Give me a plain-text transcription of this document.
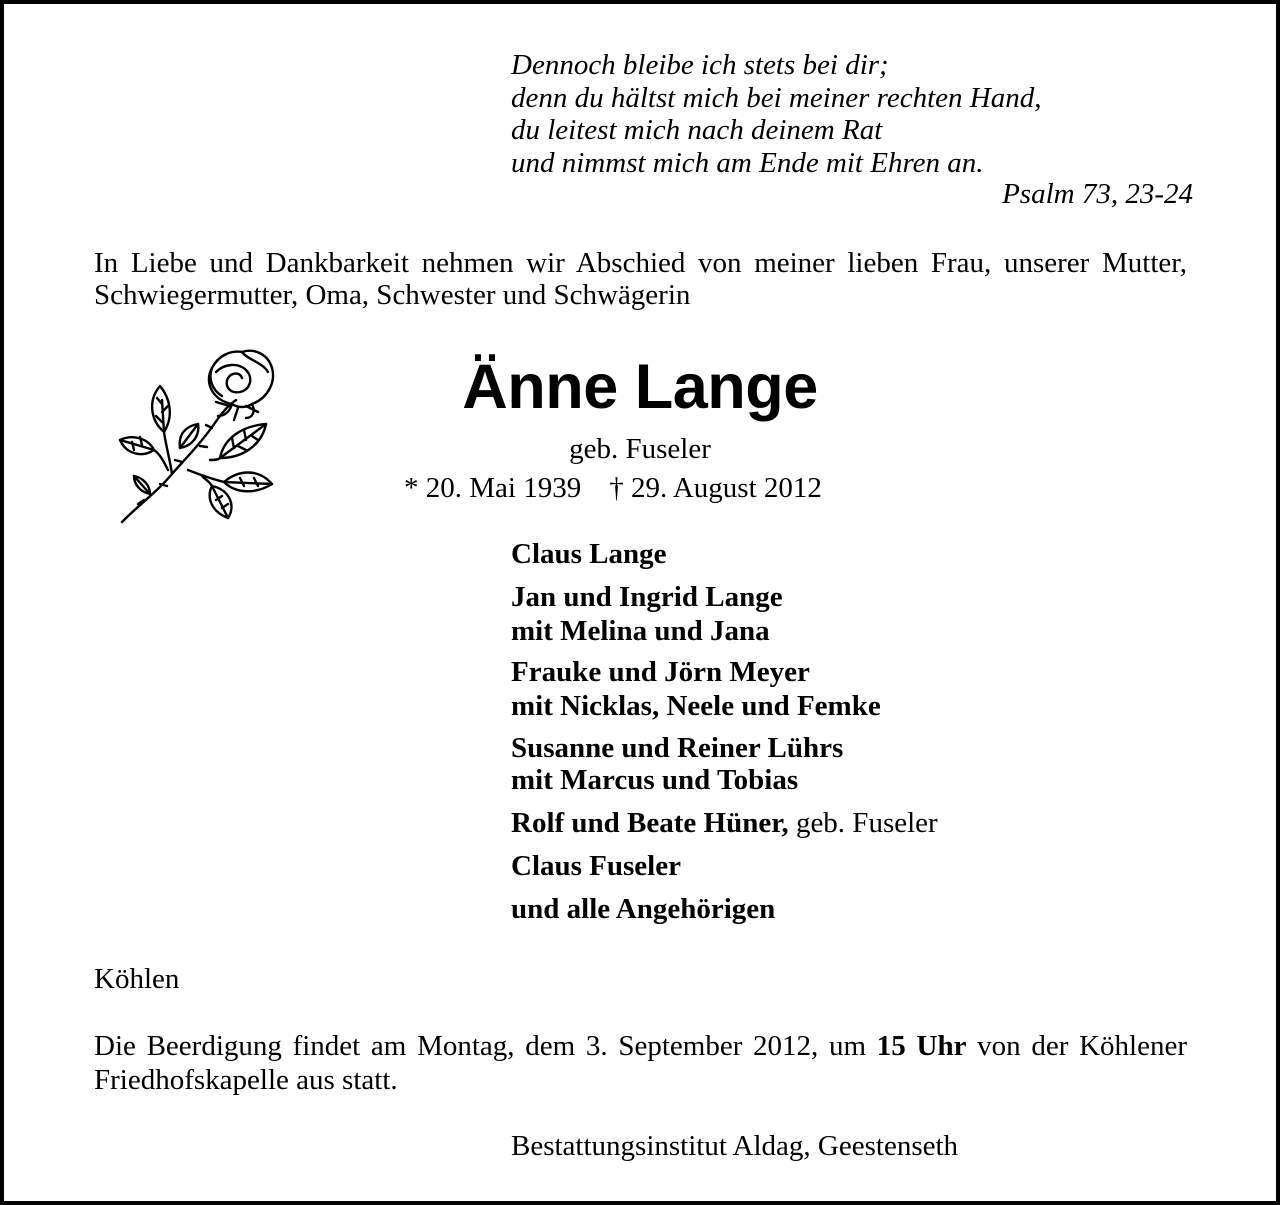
Dennoch bleibe ich stets bei dir;
denn du hältst mich bei meiner rechten Hand,
du leitest mich nach deinem Rat
und nimmst mich am Ende mit Ehren an.
Psalm 73, 23-24
In Liebe und Dankbarkeit nehmen wir Abschied von meiner lieben Frau, unserer Mutter, Schwiegermutter, Oma, Schwester und Schwägerin
Änne Lange
geb. Fuseler
* 20. Mai 1939 † 29. August 2012
Claus Lange
Jan und Ingrid Lange
mit Melina und Jana
Frauke und Jörn Meyer
mit Nicklas, Neele und Femke
Susanne und Reiner Lührs
mit Marcus und Tobias
Rolf und Beate Hüner, geb. Fuseler
Claus Fuseler
und alle Angehörigen
Köhlen
Die Beerdigung findet am Montag, dem 3. September 2012, um 15 Uhr von der Köhlener Friedhofskapelle aus statt.
Bestattungsinstitut Aldag, Geestenseth
